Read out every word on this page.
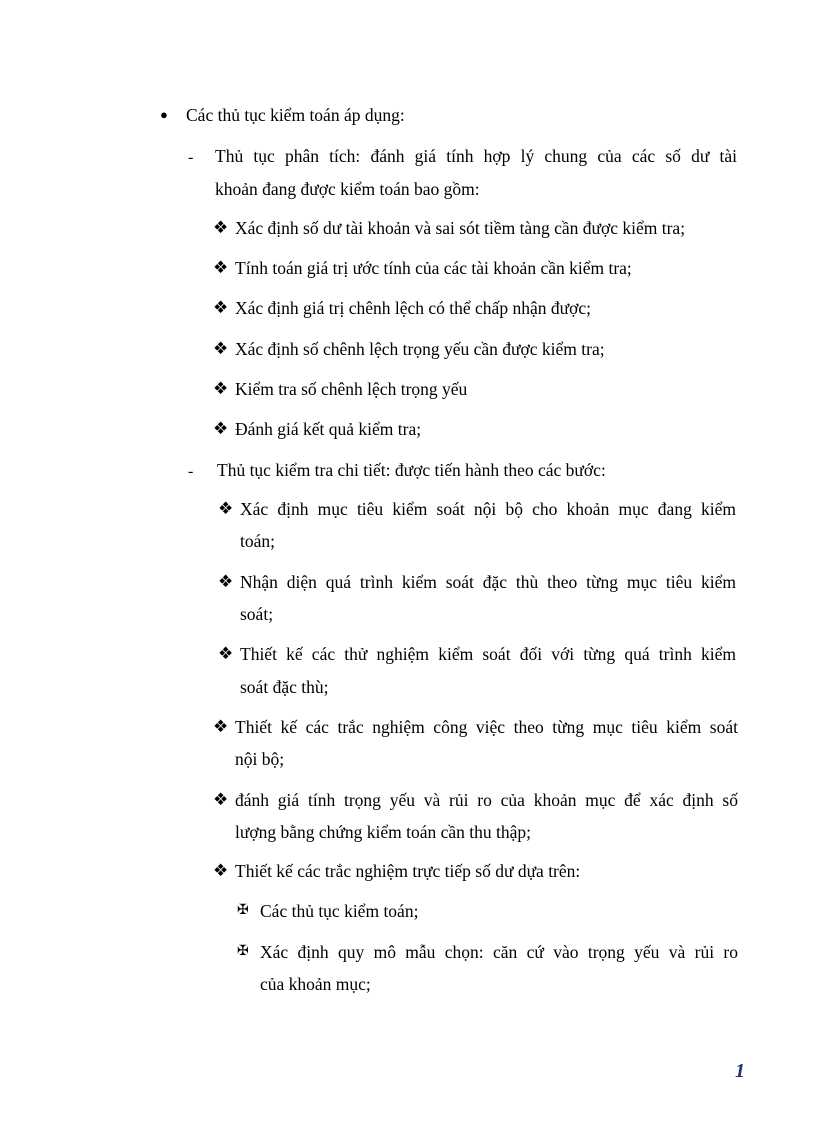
● Các thủ tục kiểm toán áp dụng:
- Thủ tục phân tích: đánh giá tính hợp lý chung của các số dư tài
khoản đang được kiểm toán bao gồm:
❖ Xác định số dư tài khoản và sai sót tiềm tàng cần được kiểm tra;
❖ Tính toán giá trị ước tính của các tài khoản cần kiểm tra;
❖ Xác định giá trị chênh lệch có thể chấp nhận được;
❖ Xác định số chênh lệch trọng yếu cần được kiểm tra;
❖ Kiểm tra số chênh lệch trọng yếu
❖ Đánh giá kết quả kiểm tra;
- Thủ tục kiểm tra chi tiết: được tiến hành theo các bước:
❖ Xác định mục tiêu kiểm soát nội bộ cho khoản mục đang kiểm
toán;
❖ Nhận diện quá trình kiểm soát đặc thù theo từng mục tiêu kiểm
soát;
❖ Thiết kế các thử nghiệm kiểm soát đối với từng quá trình kiểm
soát đặc thù;
❖ Thiết kế các trắc nghiệm công việc theo từng mục tiêu kiểm soát
nội bộ;
❖ đánh giá tính trọng yếu và rủi ro của khoản mục để xác định số
lượng bằng chứng kiểm toán cần thu thập;
❖ Thiết kế các trắc nghiệm trực tiếp số dư dựa trên:
✠ Các thủ tục kiểm toán;
✠ Xác định quy mô mẫu chọn: căn cứ vào trọng yếu và rủi ro
của khoản mục;
1
